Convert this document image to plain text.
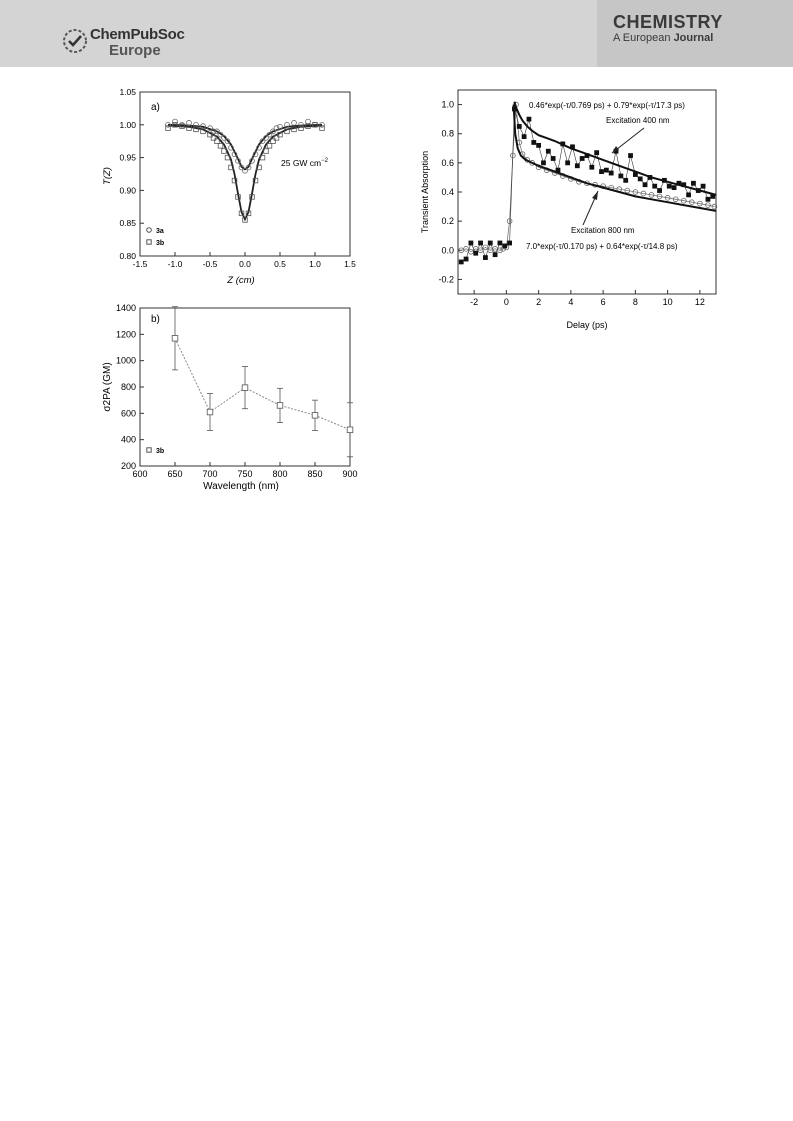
ChemPubSoc
Europe
CHEMISTRY
A European Journal
-1.5 -1.0 -0.5	0.0	0.5	1.0	1.5
0.80
0.85
0.90
0.95
1.00
1.05
a)
25 GW $cm^{-2}$
3a
3b
Z (cm)
T(Z)
600 650 700 750 800 850 900
200
400
600
800
1000
1200
1400
b)
3b
Wavelength (nm)
σ2PA (GM)
-2	0	2	4	6	8	10 12
-0.2
0.0
0.2
0.4
0.6
0.8
1.0	0.46*exp(-τ/0.769 ps) + 0.79*exp(-τ/17.3 ps)
Excitation 400 nm
Excitation 800 nm
7.0*exp(-τ/0.170 ps) + 0.64*exp(-τ/14.8 ps)
Delay (ps)
Transient Absorption
